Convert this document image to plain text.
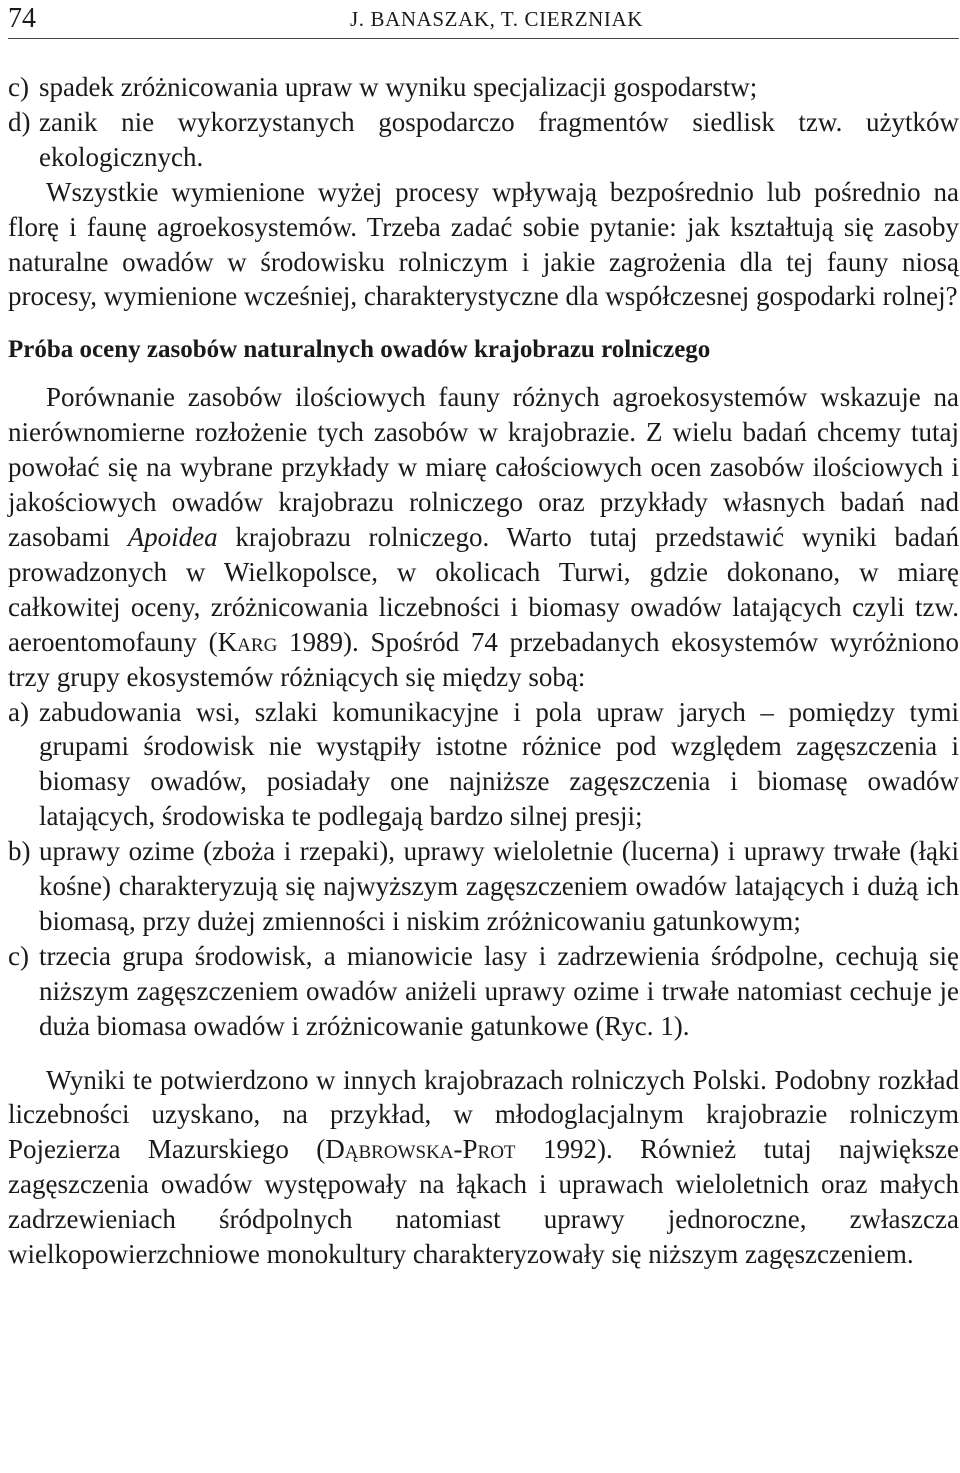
74	J. BANASZAK, T. CIERZNIAK
c) spadek zróżnicowania upraw w wyniku specjalizacji gospodarstw;
d) zanik nie wykorzystanych gospodarczo fragmentów siedlisk tzw. użytków ekologicznych.

Wszystkie wymienione wyżej procesy wpływają bezpośrednio lub pośrednio na florę i faunę agroekosystemów. Trzeba zadać sobie pytanie: jak kształtują się zasoby naturalne owadów w środowisku rolniczym i jakie zagrożenia dla tej fauny niosą procesy, wymienione wcześniej, charakterystyczne dla współczesnej gospodarki rolnej?

Próba oceny zasobów naturalnych owadów krajobrazu rolniczego

Porównanie zasobów ilościowych fauny różnych agroekosystemów wskazuje na nierównomierne rozłożenie tych zasobów w krajobrazie. Z wielu badań chcemy tutaj powołać się na wybrane przykłady w miarę całościowych ocen zasobów ilościowych i jakościowych owadów krajobrazu rolniczego oraz przykłady własnych badań nad zasobami Apoidea krajobrazu rolniczego. Warto tutaj przedstawić wyniki badań prowadzonych w Wielkopolsce, w okolicach Turwi, gdzie dokonano, w miarę całkowitej oceny, zróżnicowania liczebności i biomasy owadów latających czyli tzw. aeroentomofauny (Karg 1989). Spośród 74 przebadanych ekosystemów wyróżniono trzy grupy ekosystemów różniących się między sobą:

a) zabudowania wsi, szlaki komunikacyjne i pola upraw jarych – pomiędzy tymi grupami środowisk nie wystąpiły istotne różnice pod względem zagęszczenia i biomasy owadów, posiadały one najniższe zagęszczenia i biomasę owadów latających, środowiska te podlegają bardzo silnej presji;
b) uprawy ozime (zboża i rzepaki), uprawy wieloletnie (lucerna) i uprawy trwałe (łąki kośne) charakteryzują się najwyższym zagęszczeniem owadów latających i dużą ich biomasą, przy dużej zmienności i niskim zróżnicowaniu gatunkowym;
c) trzecia grupa środowisk, a mianowicie lasy i zadrzewienia śródpolne, cechują się niższym zagęszczeniem owadów aniżeli uprawy ozime i trwałe natomiast cechuje je duża biomasa owadów i zróżnicowanie gatunkowe (Ryc. 1).

Wyniki te potwierdzono w innych krajobrazach rolniczych Polski. Podobny rozkład liczebności uzyskano, na przykład, w młodoglacjalnym krajobrazie rolniczym Pojezierza Mazurskiego (Dąbrowska-Prot 1992). Również tutaj największe zagęszczenia owadów występowały na łąkach i uprawach wieloletnich oraz małych zadrzewieniach śródpolnych natomiast uprawy jednoroczne, zwłaszcza wielkopowierzchniowe monokultury charakteryzowały się niższym zagęszczeniem.
